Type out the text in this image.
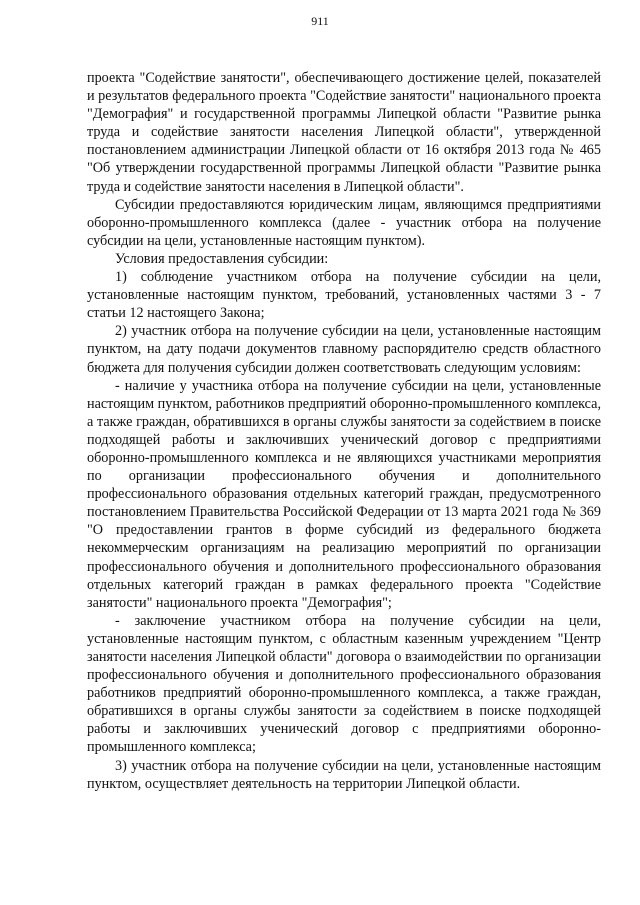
911

проекта "Содействие занятости", обеспечивающего достижение целей, показателей и результатов федерального проекта "Содействие занятости" национального проекта "Демография" и государственной программы Липецкой области "Развитие рынка труда и содействие занятости населения Липецкой области", утвержденной постановлением администрации Липецкой области от 16 октября 2013 года № 465 "Об утверждении государственной программы Липецкой области "Развитие рынка труда и содействие занятости населения в Липецкой области".

Субсидии предоставляются юридическим лицам, являющимся предприятиями оборонно-промышленного комплекса (далее - участник отбора на получение субсидии на цели, установленные настоящим пунктом).

Условия предоставления субсидии:

1) соблюдение участником отбора на получение субсидии на цели, установленные настоящим пунктом, требований, установленных частями 3 - 7 статьи 12 настоящего Закона;

2) участник отбора на получение субсидии на цели, установленные настоящим пунктом, на дату подачи документов главному распорядителю средств областного бюджета для получения субсидии должен соответствовать следующим условиям:

- наличие у участника отбора на получение субсидии на цели, установленные настоящим пунктом, работников предприятий оборонно-промышленного комплекса, а также граждан, обратившихся в органы службы занятости за содействием в поиске подходящей работы и заключивших ученический договор с предприятиями оборонно-промышленного комплекса и не являющихся участниками мероприятия по организации профессионального обучения и дополнительного профессионального образования отдельных категорий граждан, предусмотренного постановлением Правительства Российской Федерации от 13 марта 2021 года № 369 "О предоставлении грантов в форме субсидий из федерального бюджета некоммерческим организациям на реализацию мероприятий по организации профессионального обучения и дополнительного профессионального образования отдельных категорий граждан в рамках федерального проекта "Содействие занятости" национального проекта "Демография";

- заключение участником отбора на получение субсидии на цели, установленные настоящим пунктом, с областным казенным учреждением "Центр занятости населения Липецкой области" договора о взаимодействии по организации профессионального обучения и дополнительного профессионального образования работников предприятий оборонно-промышленного комплекса, а также граждан, обратившихся в органы службы занятости за содействием в поиске подходящей работы и заключивших ученический договор с предприятиями оборонно-промышленного комплекса;

3) участник отбора на получение субсидии на цели, установленные настоящим пунктом, осуществляет деятельность на территории Липецкой области.
